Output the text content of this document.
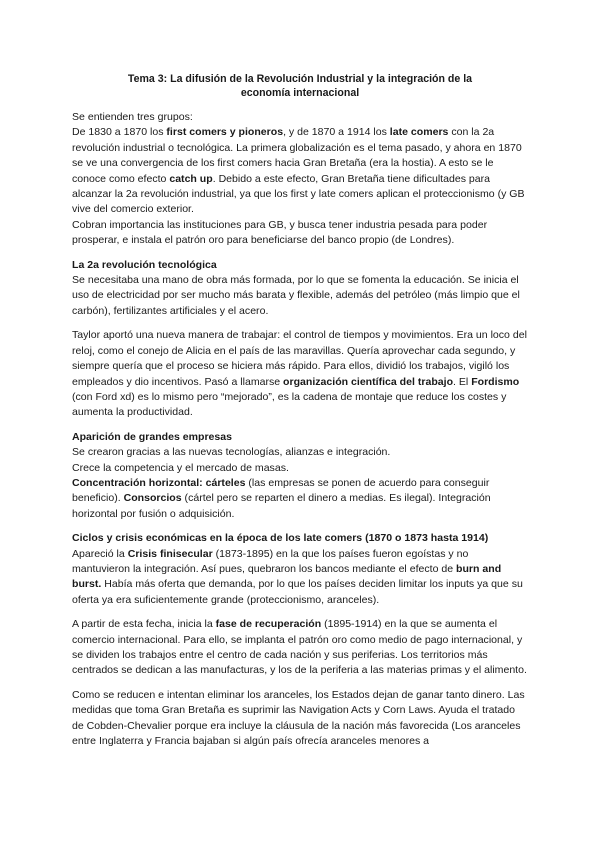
Tema 3: La difusión de la Revolución Industrial y la integración de la economía internacional

Se entienden tres grupos:

De 1830 a 1870 los first comers y pioneros, y de 1870 a 1914 los late comers con la 2a revolución industrial o tecnológica. La primera globalización es el tema pasado, y ahora en 1870 se ve una convergencia de los first comers hacia Gran Bretaña (era la hostia). A esto se le conoce como efecto catch up. Debido a este efecto, Gran Bretaña tiene dificultades para alcanzar la 2a revolución industrial, ya que los first y late comers aplican el proteccionismo (y GB vive del comercio exterior.

Cobran importancia las instituciones para GB, y busca tener industria pesada para poder prosperar, e instala el patrón oro para beneficiarse del banco propio (de Londres).

La 2a revolución tecnológica

Se necesitaba una mano de obra más formada, por lo que se fomenta la educación. Se inicia el uso de electricidad por ser mucho más barata y flexible, además del petróleo (más limpio que el carbón), fertilizantes artificiales y el acero.

Taylor aportó una nueva manera de trabajar: el control de tiempos y movimientos. Era un loco del reloj, como el conejo de Alicia en el país de las maravillas. Quería aprovechar cada segundo, y siempre quería que el proceso se hiciera más rápido. Para ellos, dividió los trabajos, vigiló los empleados y dio incentivos. Pasó a llamarse organización científica del trabajo. El Fordismo (con Ford xd) es lo mismo pero “mejorado”, es la cadena de montaje que reduce los costes y aumenta la productividad.

Aparición de grandes empresas

Se crearon gracias a las nuevas tecnologías, alianzas e integración.

Crece la competencia y el mercado de masas.

Concentración horizontal: cárteles (las empresas se ponen de acuerdo para conseguir beneficio). Consorcios (cártel pero se reparten el dinero a medias. Es ilegal). Integración horizontal por fusión o adquisición.

Ciclos y crisis económicas en la época de los late comers (1870 o 1873 hasta 1914)

Apareció la Crisis finisecular (1873-1895) en la que los países fueron egoístas y no mantuvieron la integración. Así pues, quebraron los bancos mediante el efecto de burn and burst. Había más oferta que demanda, por lo que los países deciden limitar los inputs ya que su oferta ya era suficientemente grande (proteccionismo, aranceles).

A partir de esta fecha, inicia la fase de recuperación (1895-1914) en la que se aumenta el comercio internacional. Para ello, se implanta el patrón oro como medio de pago internacional, y se dividen los trabajos entre el centro de cada nación y sus periferias. Los territorios más centrados se dedican a las manufacturas, y los de la periferia a las materias primas y el alimento.

Como se reducen e intentan eliminar los aranceles, los Estados dejan de ganar tanto dinero. Las medidas que toma Gran Bretaña es suprimir las Navigation Acts y Corn Laws. Ayuda el tratado de Cobden-Chevalier porque era incluye la cláusula de la nación más favorecida (Los aranceles entre Inglaterra y Francia bajaban si algún país ofrecía aranceles menores a
